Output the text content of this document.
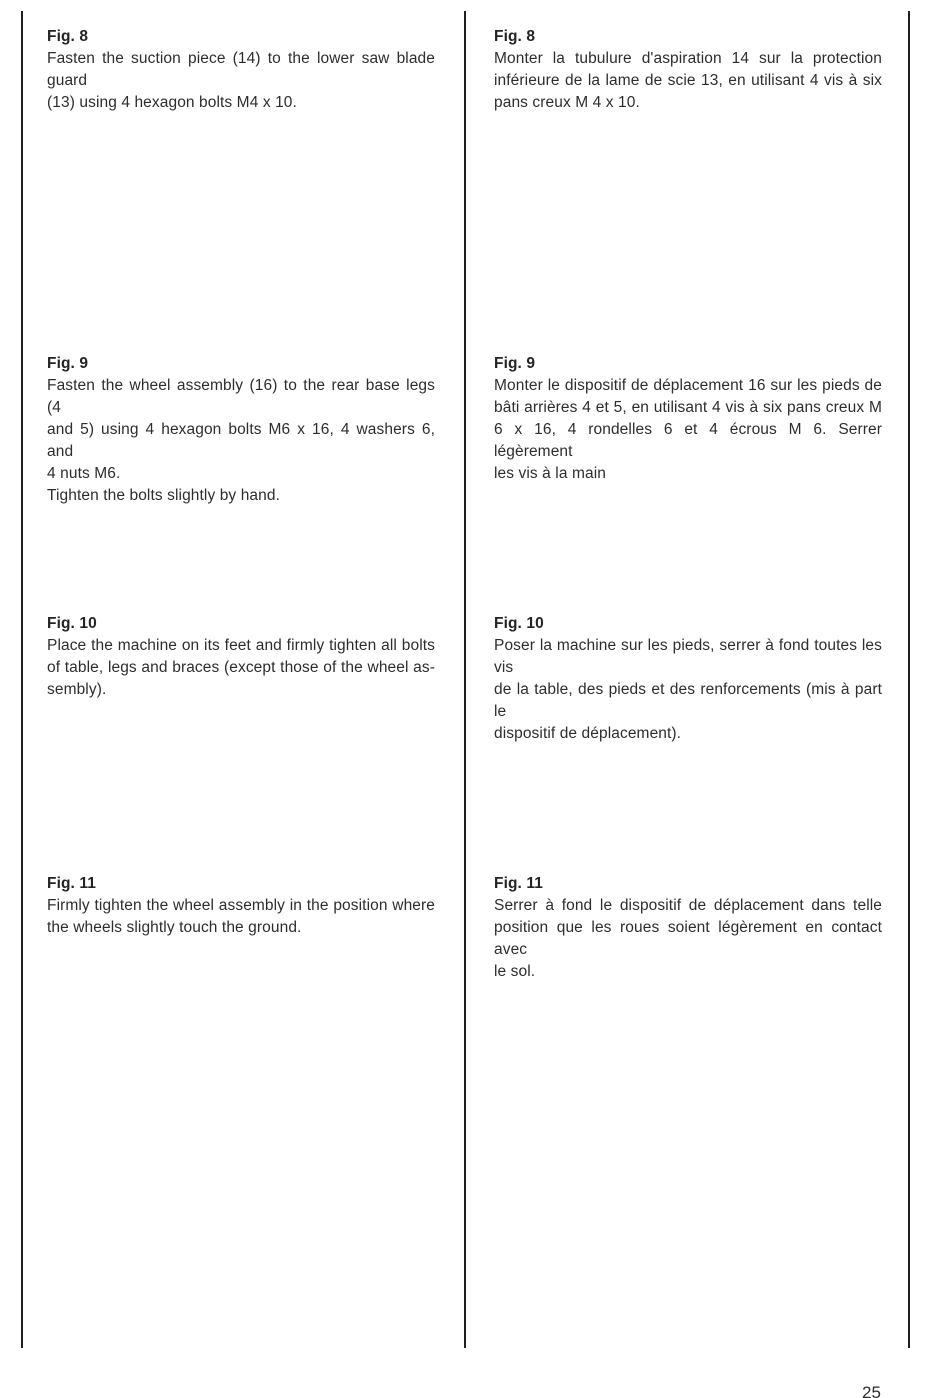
Fig. 8
Fasten the suction piece (14) to the lower saw blade guard
(13) using 4 hexagon bolts M4 x 10.
Fig. 9
Fasten the wheel assembly (16) to the rear base legs (4
and 5) using 4 hexagon bolts M6 x 16, 4 washers 6, and
4 nuts M6.
Tighten the bolts slightly by hand.
Fig. 10
Place the machine on its feet and firmly tighten all bolts
of table, legs and braces (except those of the wheel as-
sembly).
Fig. 11
Firmly tighten the wheel assembly in the position where
the wheels slightly touch the ground.
Fig. 8
Monter la tubulure d'aspiration 14 sur la protection
inférieure de la lame de scie 13, en utilisant 4 vis à six
pans creux M 4 x 10.
Fig. 9
Monter le dispositif de déplacement 16 sur les pieds de
bâti arrières 4 et 5, en utilisant 4 vis à six pans creux M
6 x 16, 4 rondelles 6 et 4 écrous M 6. Serrer légèrement
les vis à la main
Fig. 10
Poser la machine sur les pieds, serrer à fond toutes les vis
de la table, des pieds et des renforcements (mis à part le
dispositif de déplacement).
Fig. 11
Serrer à fond le dispositif de déplacement dans telle
position que les roues soient légèrement en contact avec
le sol.
25
